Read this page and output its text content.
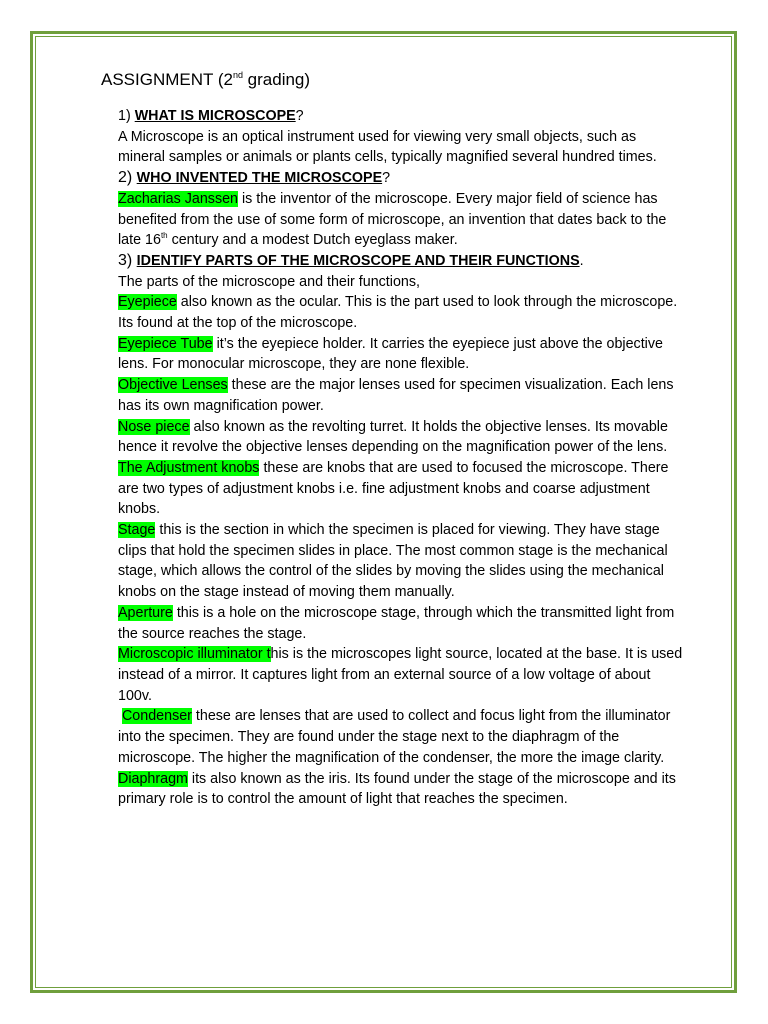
ASSIGNMENT (2nd grading)

1) WHAT IS MICROSCOPE?

A Microscope is an optical instrument used for viewing very small objects, such as mineral samples or animals or plants cells, typically magnified several hundred times.

2) WHO INVENTED THE MICROSCOPE?

Zacharias Janssen is the inventor of the microscope. Every major field of science has benefited from the use of some form of microscope, an invention that dates back to the late 16th century and a modest Dutch eyeglass maker.

3) IDENTIFY PARTS OF THE MICROSCOPE AND THEIR FUNCTIONS.

The parts of the microscope and their functions,

Eyepiece also known as the ocular. This is the part used to look through the microscope. Its found at the top of the microscope.

Eyepiece Tube it’s the eyepiece holder. It carries the eyepiece just above the objective lens. For monocular microscope, they are none flexible.

Objective Lenses these are the major lenses used for specimen visualization. Each lens has its own magnification power.

Nose piece also known as the revolting turret. It holds the objective lenses. Its movable hence it revolve the objective lenses depending on the magnification power of the lens.

The Adjustment knobs these are knobs that are used to focused the microscope. There are two types of adjustment knobs i.e. fine adjustment knobs and coarse adjustment knobs.

Stage this is the section in which the specimen is placed for viewing. They have stage clips that hold the specimen slides in place. The most common stage is the mechanical stage, which allows the control of the slides by moving the slides using the mechanical knobs on the stage instead of moving them manually.

Aperture this is a hole on the microscope stage, through which the transmitted light from the source reaches the stage.

Microscopic illuminator this is the microscopes light source, located at the base. It is used instead of a mirror. It captures light from an external source of a low voltage of about 100v.

Condenser these are lenses that are used to collect and focus light from the illuminator into the specimen. They are found under the stage next to the diaphragm of the microscope. The higher the magnification of the condenser, the more the image clarity.

Diaphragm its also known as the iris. Its found under the stage of the microscope and its primary role is to control the amount of light that reaches the specimen.
